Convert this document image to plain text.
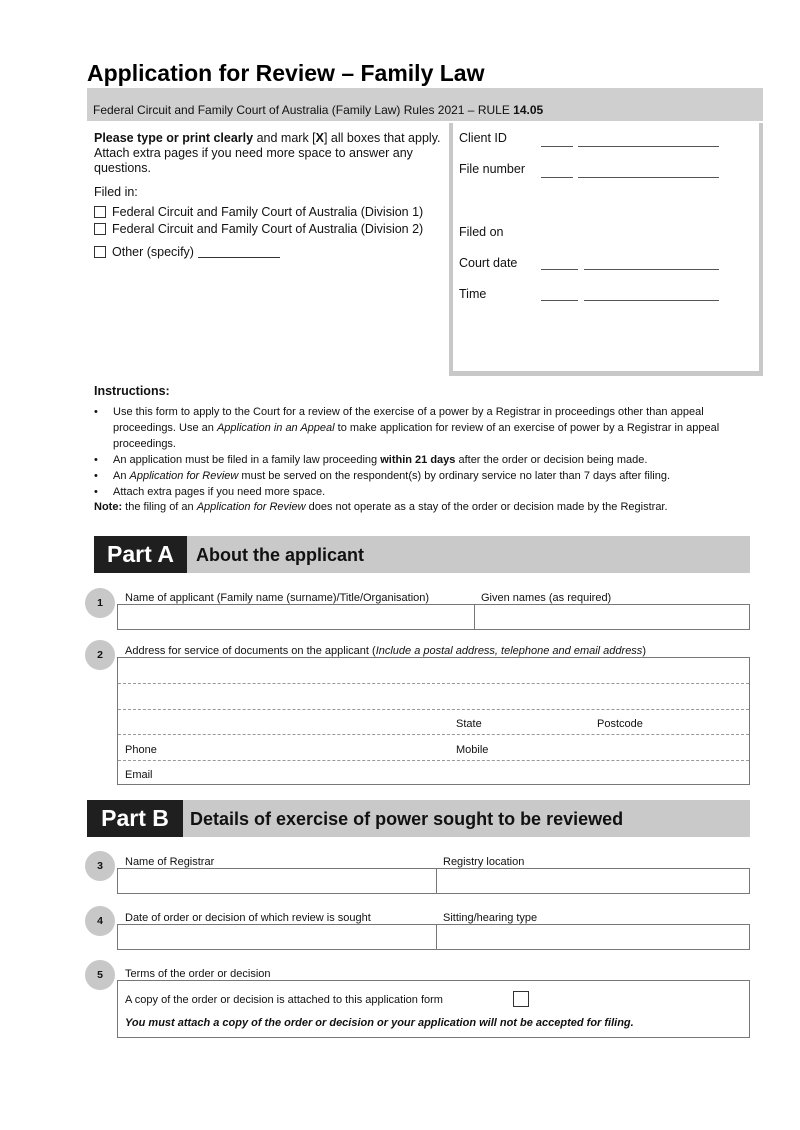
Application for Review – Family Law
Federal Circuit and Family Court of Australia (Family Law) Rules 2021 – RULE 14.05
Please type or print clearly and mark [X] all boxes that apply. Attach extra pages if you need more space to answer any questions.
Filed in:
Federal Circuit and Family Court of Australia (Division 1)
Federal Circuit and Family Court of Australia (Division 2)
Other (specify)
Client ID
File number
Filed on
Court date
Time
Instructions:
• Use this form to apply to the Court for a review of the exercise of a power by a Registrar in proceedings other than appeal proceedings. Use an Application in an Appeal to make application for review of an exercise of power by a Registrar in appeal proceedings.
• An application must be filed in a family law proceeding within 21 days after the order or decision being made.
• An Application for Review must be served on the respondent(s) by ordinary service no later than 7 days after filing.
• Attach extra pages if you need more space.
Note: the filing of an Application for Review does not operate as a stay of the order or decision made by the Registrar.
Part A	About the applicant
1	Name of applicant (Family name (surname)/Title/Organisation)	Given names (as required)
2	Address for service of documents on the applicant (Include a postal address, telephone and email address)
State	Postcode
Phone	Mobile
Email
Part B	Details of exercise of power sought to be reviewed
3	Name of Registrar	Registry location
4	Date of order or decision of which review is sought	Sitting/hearing type
5	Terms of the order or decision
A copy of the order or decision is attached to this application form
You must attach a copy of the order or decision or your application will not be accepted for filing.
